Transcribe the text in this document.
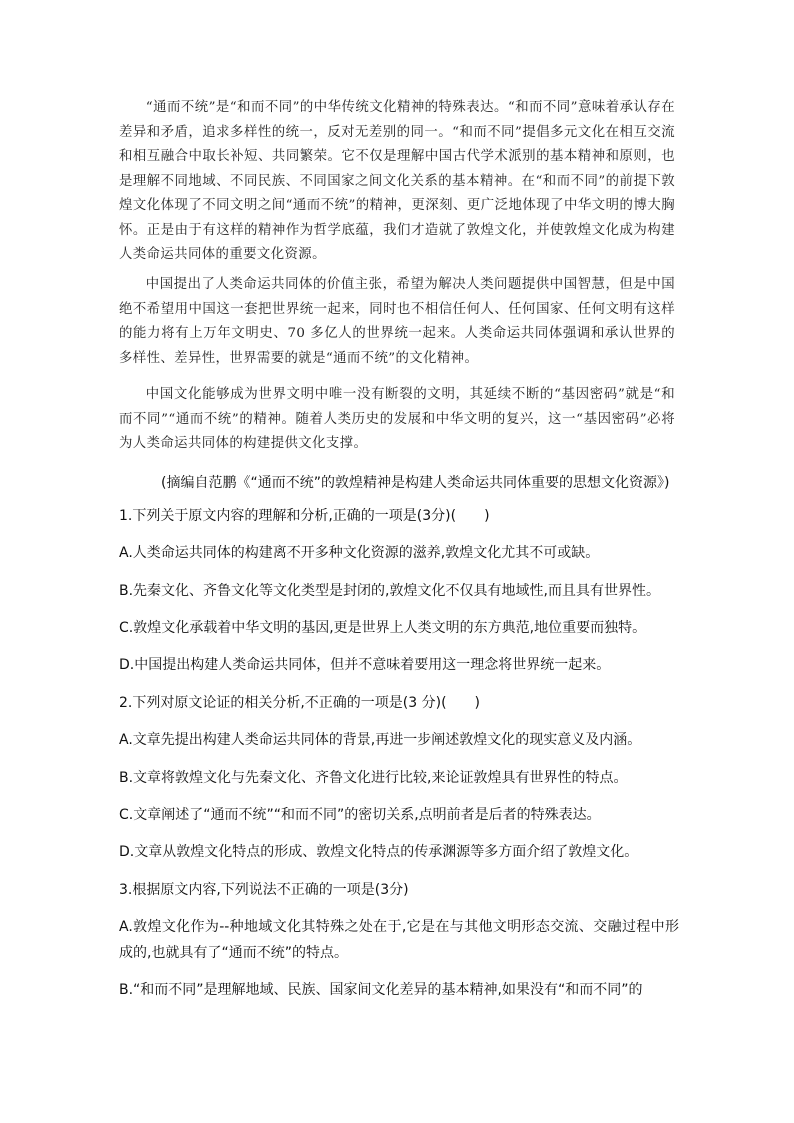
“通而不统”是“和而不同”的中华传统文化精神的特殊表达。“和而不同”意味着承认存在差异和矛盾，追求多样性的统一，反对无差别的同一。“和而不同”提倡多元文化在相互交流和相互融合中取长补短、共同繁荣。它不仅是理解中国古代学术派别的基本精神和原则，也是理解不同地域、不同民族、不同国家之间文化关系的基本精神。在“和而不同”的前提下敦煌文化体现了不同文明之间“通而不统”的精神，更深刻、更广泛地体现了中华文明的博大胸怀。正是由于有这样的精神作为哲学底蕴，我们才造就了敦煌文化，并使敦煌文化成为构建人类命运共同体的重要文化资源。

中国提出了人类命运共同体的价值主张，希望为解决人类问题提供中国智慧，但是中国绝不希望用中国这一套把世界统一起来，同时也不相信任何人、任何国家、任何文明有这样的能力将有上万年文明史、70 多亿人的世界统一起来。人类命运共同体强调和承认世界的多样性、差异性，世界需要的就是“通而不统”的文化精神。

中国文化能够成为世界文明中唯一没有断裂的文明，其延续不断的“基因密码”就是“和而不同”“通而不统”的精神。随着人类历史的发展和中华文明的复兴，这一“基因密码”必将为人类命运共同体的构建提供文化支撑。

(摘编自范鹏《“通而不统”的敦煌精神是构建人类命运共同体重要的思想文化资源》)

1.下列关于原文内容的理解和分析,正确的一项是(3分)(　　)

A.人类命运共同体的构建离不开多种文化资源的滋养,敦煌文化尤其不可或缺。

B.先秦文化、齐鲁文化等文化类型是封闭的,敦煌文化不仅具有地域性,而且具有世界性。

C.敦煌文化承载着中华文明的基因,更是世界上人类文明的东方典范,地位重要而独特。

D.中国提出构建人类命运共同体，但并不意味着要用这一理念将世界统一起来。

2.下列对原文论证的相关分析,不正确的一项是(3 分)(　　)

A.文章先提出构建人类命运共同体的背景,再进一步阐述敦煌文化的现实意义及内涵。

B.文章将敦煌文化与先秦文化、齐鲁文化进行比较,来论证敦煌具有世界性的特点。

C.文章阐述了“通而不统”“和而不同”的密切关系,点明前者是后者的特殊表达。

D.文章从敦煌文化特点的形成、敦煌文化特点的传承渊源等多方面介绍了敦煌文化。

3.根据原文内容,下列说法不正确的一项是(3分)

A.敦煌文化作为--种地域文化其特殊之处在于,它是在与其他文明形态交流、交融过程中形成的,也就具有了“通而不统”的特点。

B.“和而不同”是理解地域、民族、国家间文化差异的基本精神,如果没有“和而不同”的
